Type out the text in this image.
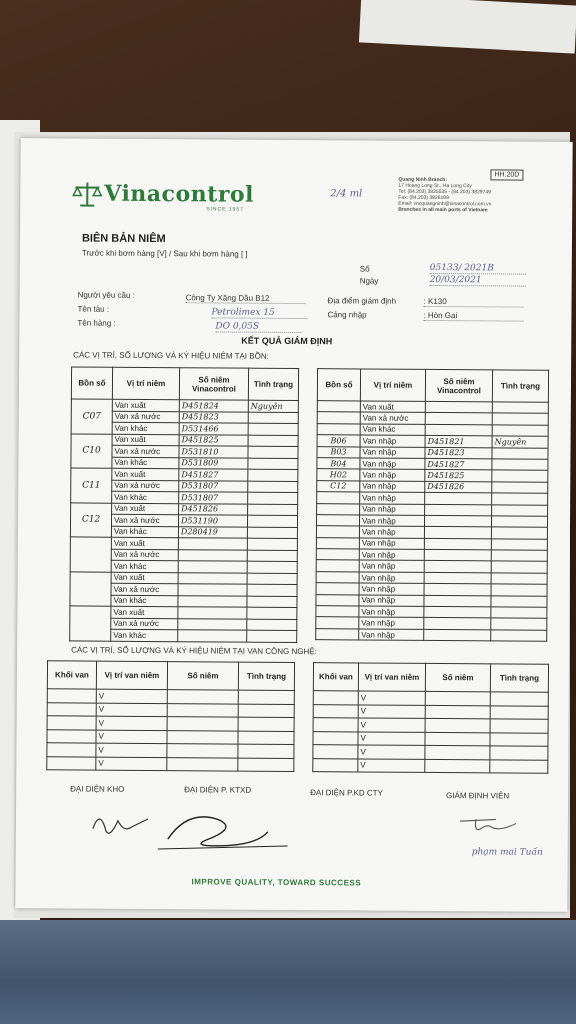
Vinacontrol
SINCE 1957
2/4 ml
HH.20D
Quang Ninh Branch:
17 Hoang Long St., Ha Long City
Tel: (84.203) 3825535 - (84.203) 3829749
Fax: (84.203) 3826109
Email: vncquangninh@vinacontrol.com.vn
Branches in all main ports of Vietnam
BIÊN BẢN NIÊM
Trước khi bơm hàng [V] / Sau khi bơm hàng [ ]
Số	05133/ 2021B
Ngày	20/03/2021
Người yêu cầu :	Công Ty Xăng Dầu B12
Tên tàu :	Petrolimex 15
Tên hàng :	DO 0,05S
Địa điểm giám định	: K130
Cảng nhập	: Hòn Gai
KẾT QUẢ GIÁM ĐỊNH
CÁC VỊ TRÍ, SỐ LƯỢNG VÀ KÝ HIỆU NIÊM TẠI BỒN:
Bồn số	Vị trí niêm	Số niêm Vinacontrol	Tình trạng
C07	Van xuất	D451824	Nguyên
	Van xả nước	D451823	
	Van khác	D531466	
C10	Van xuất	D451825	
	Van xả nước	D531810	
	Van khác	D531809	
C11	Van xuất	D451827	
	Van xả nước	D531807	
	Van khác	D531807	
C12	Van xuất	D451826	
	Van xả nước	D531190	
	Van khác	D280419	
	Van xuất		
	Van xả nước		
	Van khác		
	Van xuất		
	Van xả nước		
	Van khác		
	Van xuất		
	Van xả nước		
	Van khác		
Bồn số	Vị trí niêm	Số niêm Vinacontrol	Tình trạng
	Van xuất		
	Van xả nước		
	Van khác		
B06	Van nhập	D451821	Nguyên
B03	Van nhập	D451823	
B04	Van nhập	D451827	
H02	Van nhập	D451825	
C12	Van nhập	D451826	
	Van nhập		
	Van nhập		
	Van nhập		
	Van nhập		
	Van nhập		
	Van nhập		
	Van nhập		
	Van nhập		
	Van nhập		
	Van nhập		
	Van nhập		
	Van nhập		
	Van nhập		
CÁC VỊ TRÍ, SỐ LƯỢNG VÀ KÝ HIỆU NIÊM TẠI VAN CÔNG NGHỆ:
Khối van	Vị trí van niêm	Số niêm	Tình trạng
	V		
	V		
	V		
	V		
	V		
	V		
Khối van	Vị trí van niêm	Số niêm	Tình trạng
	V		
	V		
	V		
	V		
	V		
	V		
ĐẠI DIỆN KHO	ĐẠI DIỆN P. KTXD	ĐẠI DIỆN P.KD CTY	GIÁM ĐỊNH VIÊN
phạm mai Tuấn
IMPROVE QUALITY, TOWARD SUCCESS
